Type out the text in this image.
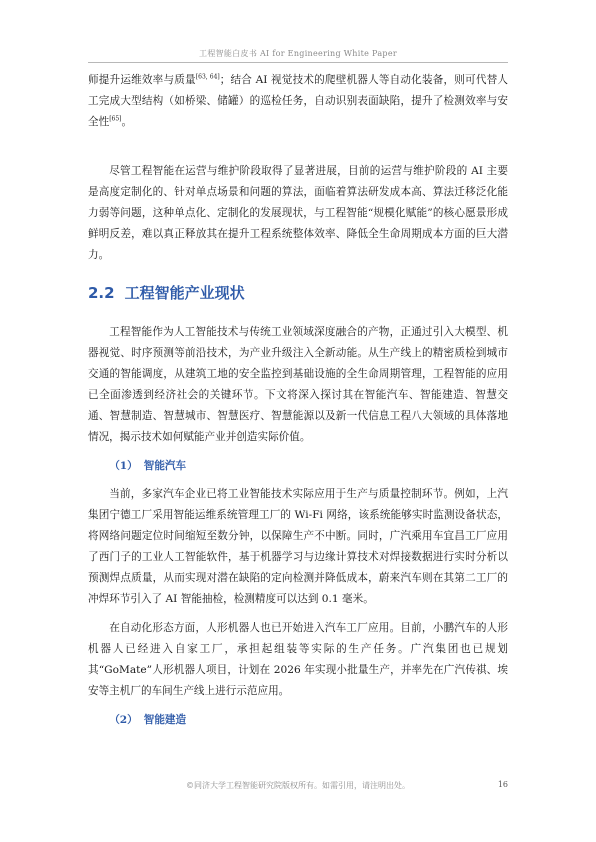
工程智能白皮书 AI for Engineering White Paper

师提升运维效率与质量[63, 64]；结合 AI 视觉技术的爬壁机器人等自动化装备，则可代替人工完成大型结构（如桥梁、储罐）的巡检任务，自动识别表面缺陷，提升了检测效率与安全性[65]。

尽管工程智能在运营与维护阶段取得了显著进展，目前的运营与维护阶段的 AI 主要是高度定制化的、针对单点场景和问题的算法，面临着算法研发成本高、算法迁移泛化能力弱等问题，这种单点化、定制化的发展现状，与工程智能“规模化赋能”的核心愿景形成鲜明反差，难以真正释放其在提升工程系统整体效率、降低全生命周期成本方面的巨大潜力。

2.2 工程智能产业现状

工程智能作为人工智能技术与传统工业领域深度融合的产物，正通过引入大模型、机器视觉、时序预测等前沿技术，为产业升级注入全新动能。从生产线上的精密质检到城市交通的智能调度，从建筑工地的安全监控到基础设施的全生命周期管理，工程智能的应用已全面渗透到经济社会的关键环节。下文将深入探讨其在智能汽车、智能建造、智慧交通、智慧制造、智慧城市、智慧医疗、智慧能源以及新一代信息工程八大领域的具体落地情况，揭示技术如何赋能产业并创造实际价值。

（1） 智能汽车

当前，多家汽车企业已将工业智能技术实际应用于生产与质量控制环节。例如，上汽集团宁德工厂采用智能运维系统管理工厂的 Wi-Fi 网络，该系统能够实时监测设备状态，将网络问题定位时间缩短至数分钟，以保障生产不中断。同时，广汽乘用车宜昌工厂应用了西门子的工业人工智能软件，基于机器学习与边缘计算技术对焊接数据进行实时分析以预测焊点质量，从而实现对潜在缺陷的定向检测并降低成本，蔚来汽车则在其第二工厂的冲焊环节引入了 AI 智能抽检，检测精度可以达到 0.1 毫米。

在自动化形态方面，人形机器人也已开始进入汽车工厂应用。目前，小鹏汽车的人形机器人已经进入自家工厂，承担起组装等实际的生产任务。广汽集团也已规划其“GoMate”人形机器人项目，计划在 2026 年实现小批量生产，并率先在广汽传祺、埃安等主机厂的车间生产线上进行示范应用。

（2） 智能建造
©同济大学工程智能研究院版权所有。如需引用，请注明出处。	16
